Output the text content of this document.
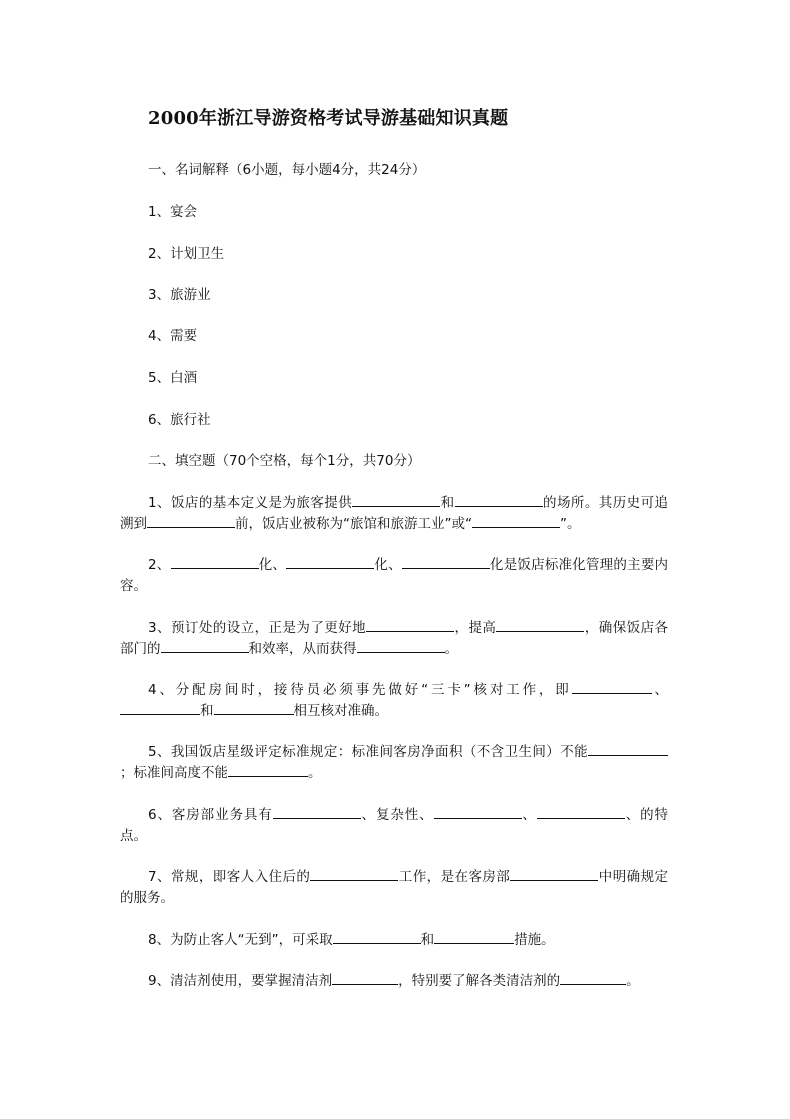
2000年浙江导游资格考试导游基础知识真题
一、名词解释（6小题，每小题4分，共24分）
1、宴会
2、计划卫生
3、旅游业
4、需要
5、白酒
6、旅行社
二、填空题（70个空格，每个1分，共70分）
1、饭店的基本定义是为旅客提供	和	的场所。其历史可追溯到	前，饭店业被称为“旅馆和旅游工业”或“	”。
2、	化、	化、	化是饭店标准化管理的主要内容。
3、预订处的设立，正是为了更好地	，提高	，确保饭店各部门的	和效率，从而获得	。
4、分配房间时，接待员必须事先做好“三卡”核对工作，即	、和	相互核对准确。
5、我国饭店星级评定标准规定：标准间客房净面积（不含卫生间）不能；标准间高度不能	。
6、客房部业务具有	、复杂性、	、	、的特点。
7、常规，即客人入住后的	工作，是在客房部	中明确规定的服务。
8、为防止客人“无到”，可采取	和	措施。
9、清洁剂使用，要掌握清洁剂	，特别要了解各类清洁剂的	。
